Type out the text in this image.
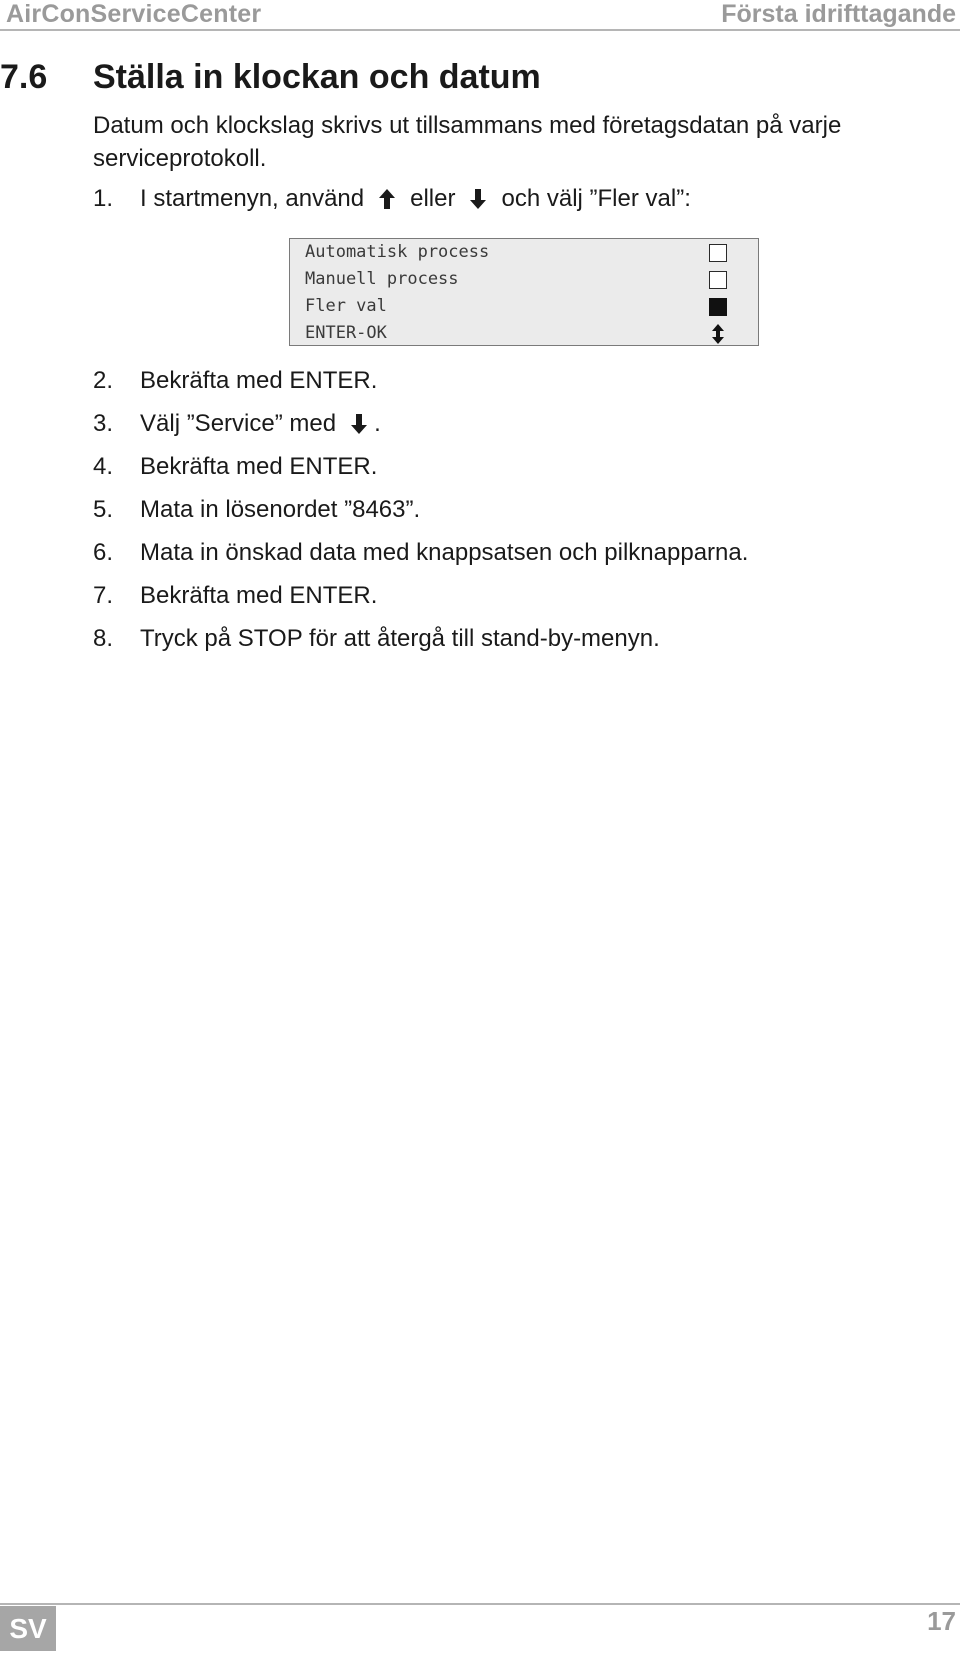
AirConServiceCenter	Första idrifttagande
7.6 Ställa in klockan och datum
Datum och klockslag skrivs ut tillsammans med företagsdatan på varje serviceprotokoll.
1. I startmenyn, använd eller och välj ”Fler val”:
Automatisk process
Manuell process
Fler val
ENTER-OK
2. Bekräfta med ENTER.
3. Välj ”Service” med .
4. Bekräfta med ENTER.
5. Mata in lösenordet ”8463”.
6. Mata in önskad data med knappsatsen och pilknapparna.
7. Bekräfta med ENTER.
8. Tryck på STOP för att återgå till stand-by-menyn.
SV	17
